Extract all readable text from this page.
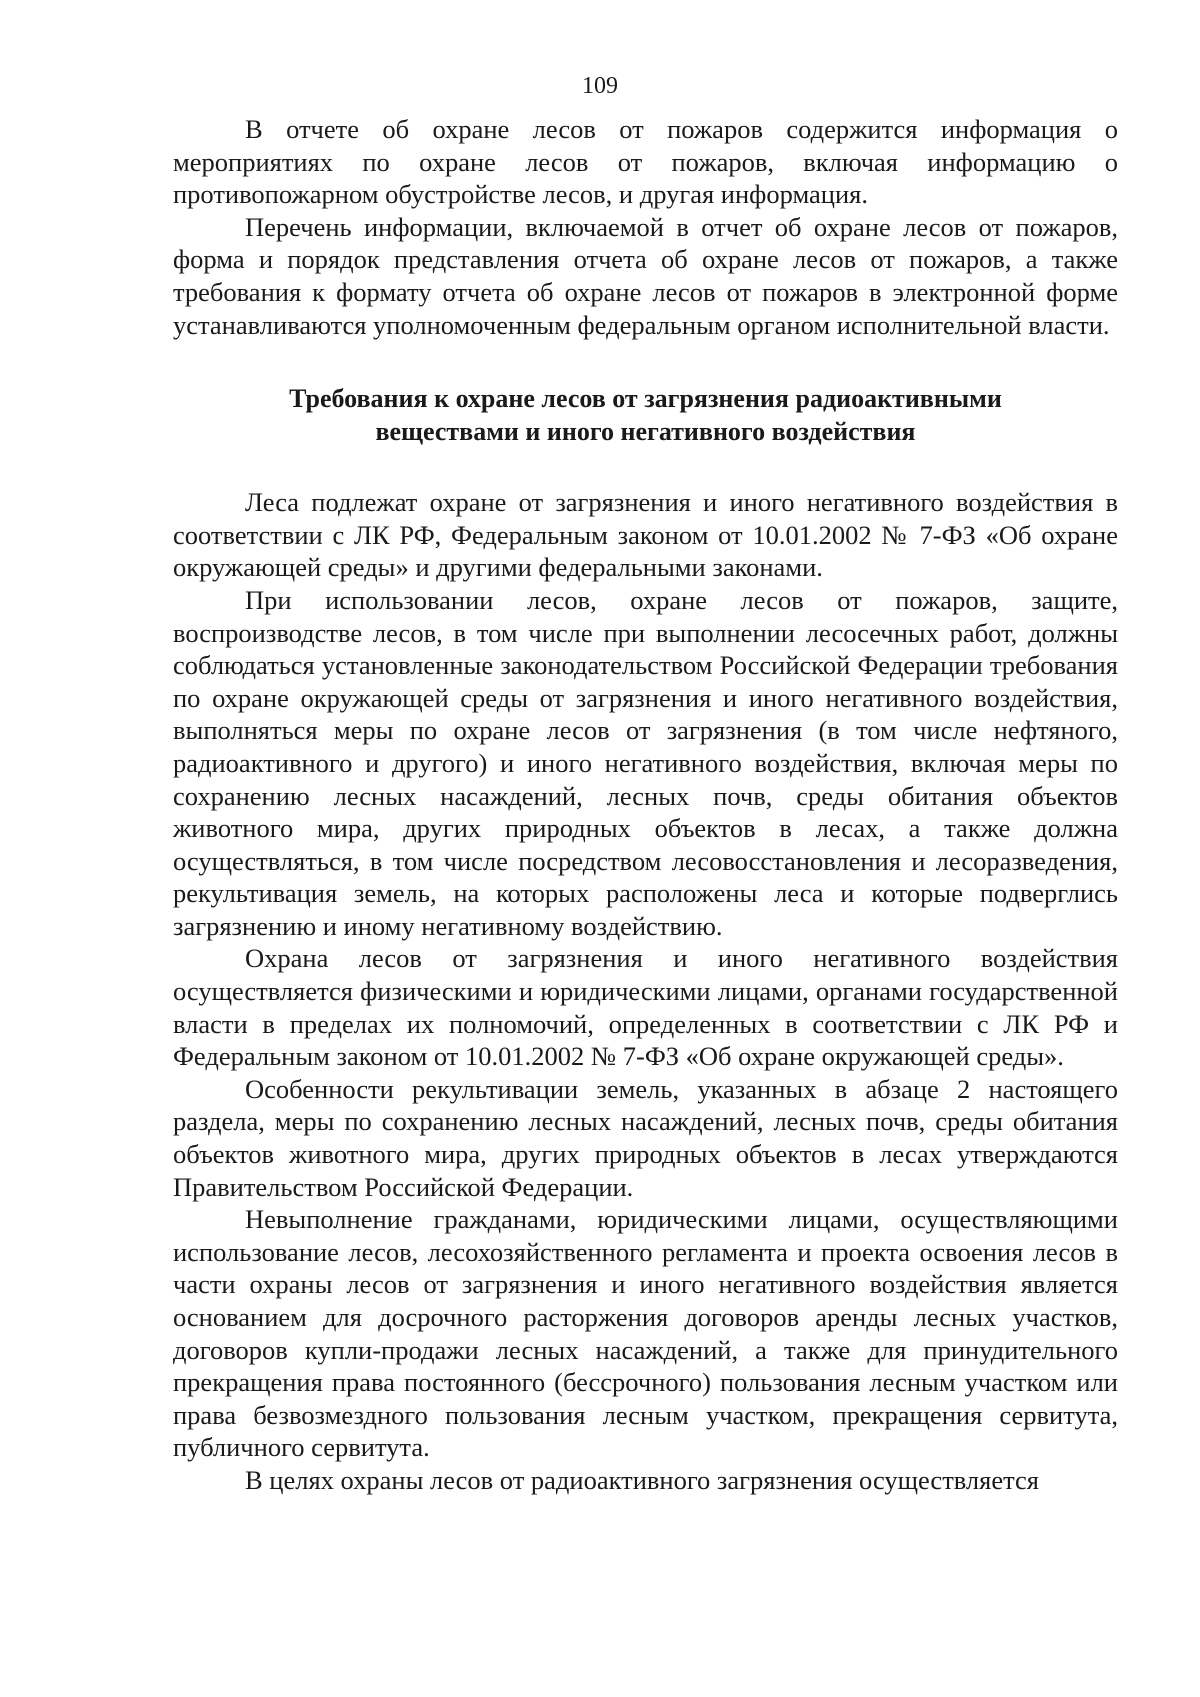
109

В отчете об охране лесов от пожаров содержится информация о мероприятиях по охране лесов от пожаров, включая информацию о противопожарном обустройстве лесов, и другая информация.

Перечень информации, включаемой в отчет об охране лесов от пожаров, форма и порядок представления отчета об охране лесов от пожаров, а также требования к формату отчета об охране лесов от пожаров в электронной форме устанавливаются уполномоченным федеральным органом исполнительной власти.

Требования к охране лесов от загрязнения радиоактивными
веществами и иного негативного воздействия

Леса подлежат охране от загрязнения и иного негативного воздействия в соответствии с ЛК РФ, Федеральным законом от 10.01.2002 № 7-ФЗ «Об охране окружающей среды» и другими федеральными законами.

При использовании лесов, охране лесов от пожаров, защите, воспроизводстве лесов, в том числе при выполнении лесосечных работ, должны соблюдаться установленные законодательством Российской Федерации требования по охране окружающей среды от загрязнения и иного негативного воздействия, выполняться меры по охране лесов от загрязнения (в том числе нефтяного, радиоактивного и другого) и иного негативного воздействия, включая меры по сохранению лесных насаждений, лесных почв, среды обитания объектов животного мира, других природных объектов в лесах, а также должна осуществляться, в том числе посредством лесовосстановления и лесоразведения, рекультивация земель, на которых расположены леса и которые подверглись загрязнению и иному негативному воздействию.

Охрана лесов от загрязнения и иного негативного воздействия осуществляется физическими и юридическими лицами, органами государственной власти в пределах их полномочий, определенных в соответствии с ЛК РФ и Федеральным законом от 10.01.2002 № 7-ФЗ «Об охране окружающей среды».

Особенности рекультивации земель, указанных в абзаце 2 настоящего раздела, меры по сохранению лесных насаждений, лесных почв, среды обитания объектов животного мира, других природных объектов в лесах утверждаются Правительством Российской Федерации.

Невыполнение гражданами, юридическими лицами, осуществляющими использование лесов, лесохозяйственного регламента и проекта освоения лесов в части охраны лесов от загрязнения и иного негативного воздействия является основанием для досрочного расторжения договоров аренды лесных участков, договоров купли-продажи лесных насаждений, а также для принудительного прекращения права постоянного (бессрочного) пользования лесным участком или права безвозмездного пользования лесным участком, прекращения сервитута, публичного сервитута.

В целях охраны лесов от радиоактивного загрязнения осуществляется
